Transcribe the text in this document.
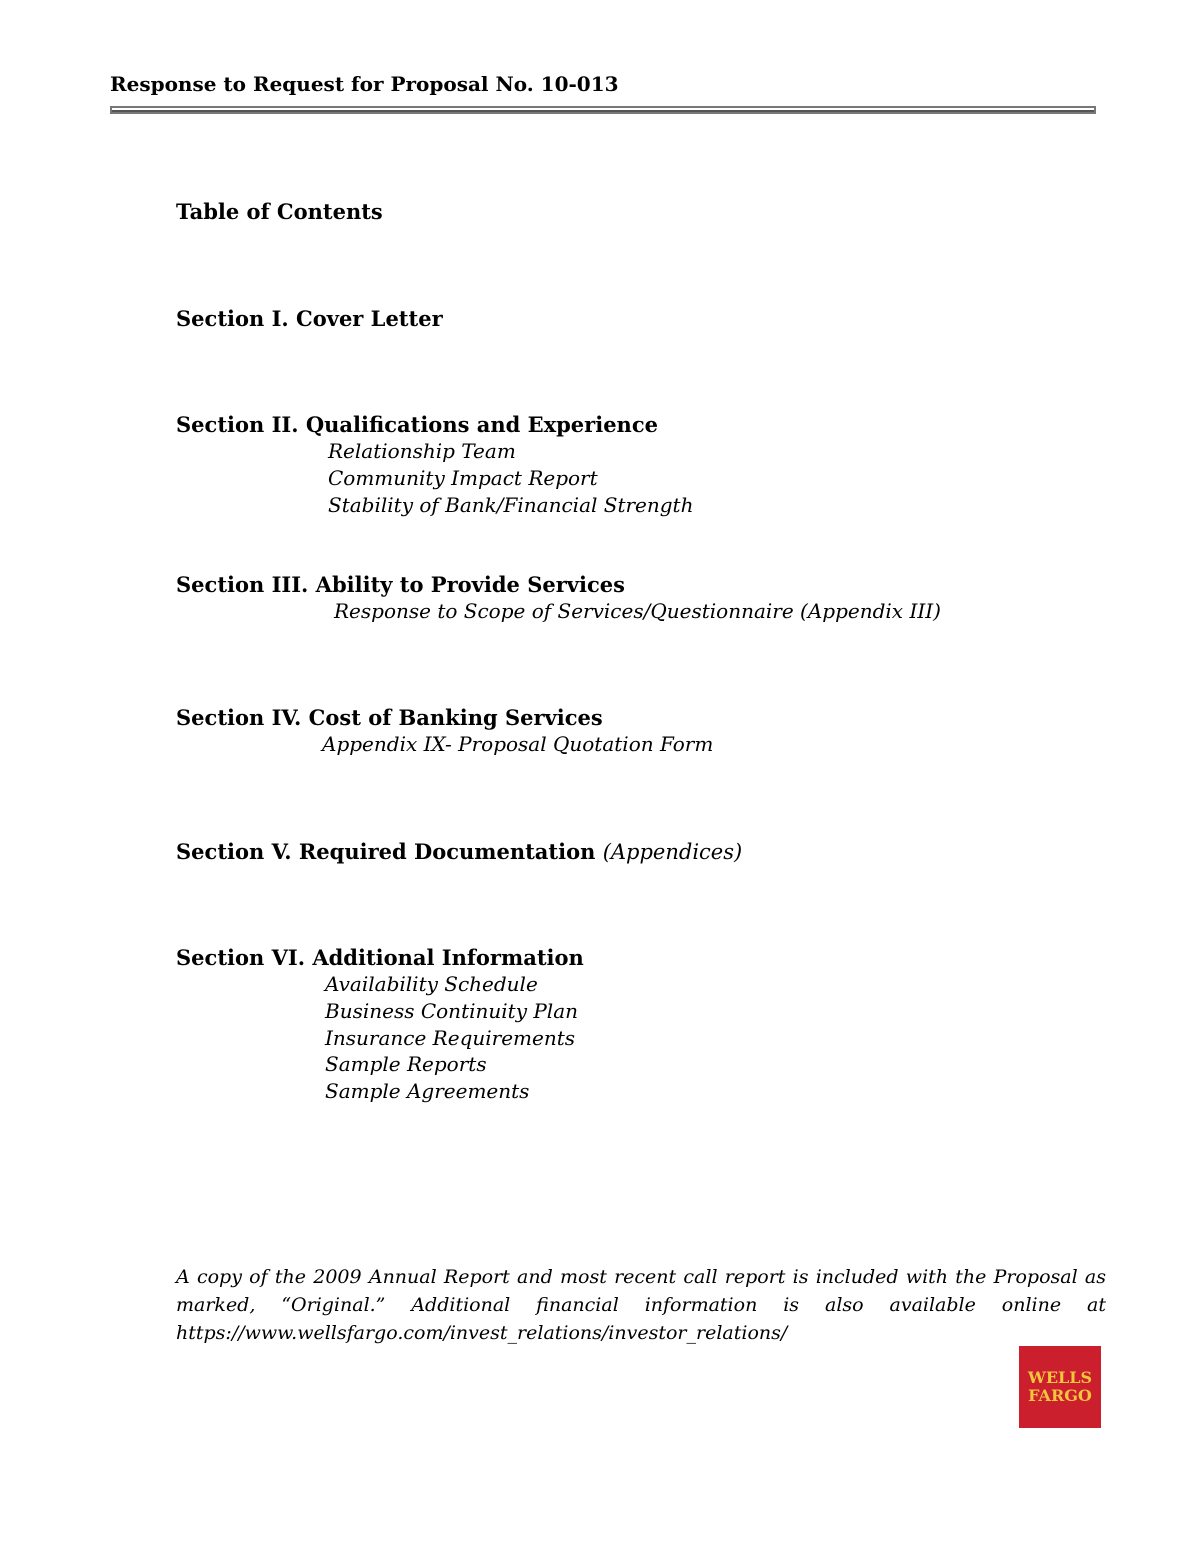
Response to Request for Proposal No. 10-013
Table of Contents
Section I. Cover Letter
Section II. Qualifications and Experience
Relationship Team
Community Impact Report
Stability of Bank/Financial Strength
Section III. Ability to Provide Services
Response to Scope of Services/Questionnaire (Appendix III)
Section IV. Cost of Banking Services
Appendix IX- Proposal Quotation Form
Section V. Required Documentation (Appendices)
Section VI. Additional Information
Availability Schedule
Business Continuity Plan
Insurance Requirements
Sample Reports
Sample Agreements
A copy of the 2009 Annual Report and most recent call report is included with the Proposal as marked, “Original.” Additional financial information is also available online at https://www.wellsfargo.com/invest_relations/investor_relations/
WELLS
FARGO
